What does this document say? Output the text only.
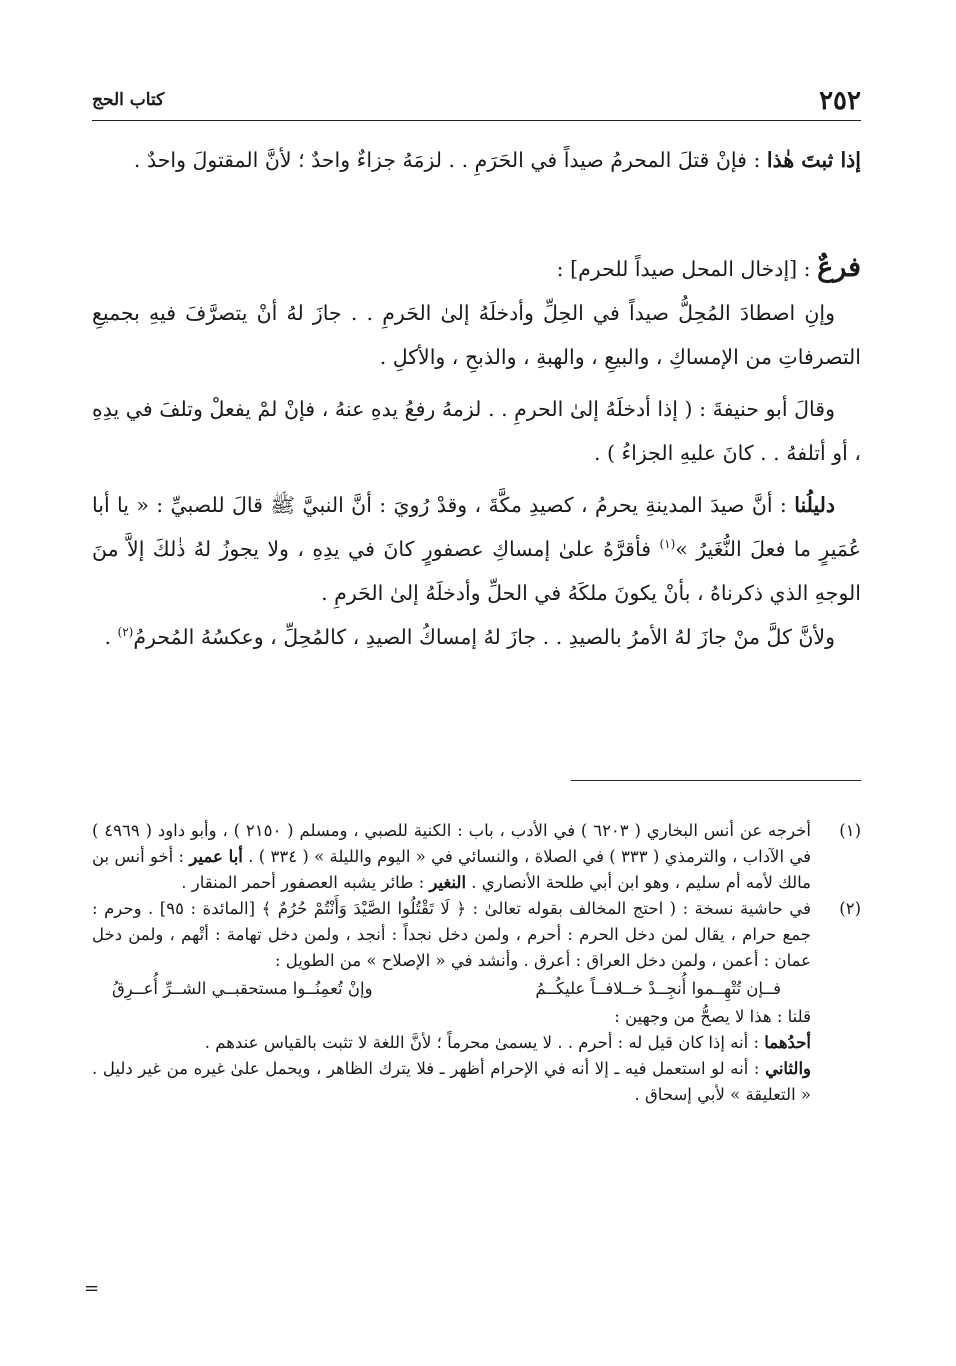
٢٥٢
كتاب الحج

إذا ثبتَ هٰذا : فإنْ قتلَ المحرمُ صيداً في الحَرَمِ . . لزمَهُ جزاءٌ واحدٌ ؛ لأنَّ المقتولَ واحدٌ .

فرعٌ : [إدخال المحل صيداً للحرم] :

وإنِ اصطادَ المُحِلُّ صيداً في الحِلِّ وأدخلَهُ إلىٰ الحَرمِ . . جازَ لهُ أنْ يتصرَّفَ فيهِ بجميعِ التصرفاتِ من الإمساكِ ، والبيعِ ، والهبةِ ، والذبحِ ، والأكلِ .

وقالَ أبو حنيفةَ : ( إذا أدخلَهُ إلىٰ الحرمِ . . لزمهُ رفعُ يدهِ عنهُ ، فإنْ لمْ يفعلْ وتلفَ في يدِهِ ، أو أتلفهُ . . كانَ عليهِ الجزاءُ ) .

دليلُنا : أنَّ صيدَ المدينةِ يحرمُ ، كصيدِ مكَّةَ ، وقدْ رُويَ : أنَّ النبيَّ ﷺ قالَ للصبيِّ : « يا أبا عُمَيرٍ ما فعلَ النُّغَيرُ »$^{(١)}$ فأقرَّهُ علىٰ إمساكِ عصفورٍ كانَ في يدِهِ ، ولا يجوزُ لهُ ذٰلكَ إلاَّ منَ الوجهِ الذي ذكرناهُ ، بأنْ يكونَ ملكَهُ في الحلِّ وأدخلَهُ إلىٰ الحَرمِ .

ولأنَّ كلَّ منْ جازَ لهُ الأمرُ بالصيدِ . . جازَ لهُ إمساكُ الصيدِ ، كالمُحِلِّ ، وعكسُهُ المُحرمُ$^{(٢)}$ .

(١)

أخرجه عن أنس البخاري ( ٦٢٠٣ ) في الأدب ، باب : الكنية للصبي ، ومسلم ( ٢١٥٠ ) ، وأبو داود ( ٤٩٦٩ ) في الآداب ، والترمذي ( ٣٣٣ ) في الصلاة ، والنسائي في « اليوم والليلة » ( ٣٣٤ ) . أبا عمير : أخو أنس بن مالك لأمه أم سليم ، وهو ابن أبي طلحة الأنصاري . النغير : طائر يشبه العصفور أحمر المنقار .

(٢)

في حاشية نسخة : ( احتج المخالف بقوله تعالىٰ : ﴿ لَا تَقْتُلُوا الصَّيْدَ وَأَنْتُمْ حُرُمٌ ﴾ [المائدة : ٩٥] . وحرم : جمع حرام ، يقال لمن دخل الحرم : أحرم ، ولمن دخل نجداً : أنجد ، ولمن دخل تهامة : أتْهم ، ولمن دخل عمان : أعمن ، ولمن دخل العراق : أعرق . وأنشد في « الإصلاح » من الطويل :

فــإن تُتْهِــموا أُنجِــدْ خــلافــاً عليكُــمُ
وإنْ تُعمِنُــوا مستحقبــي الشــرِّ أُعــرِقُ

قلنا : هذا لا يصحُّ من وجهين :

أحدُهما : أنه إذا كان قيل له : أحرم . . لا يسمىٰ محرماً ؛ لأنَّ اللغة لا تثبت بالقياس عندهم .

والثاني : أنه لو استعمل فيه ـ إلا أنه في الإحرام أظهر ـ فلا يترك الظاهر ، ويحمل علىٰ غيره من غير دليل . « التعليقة » لأبي إسحاق .

=
